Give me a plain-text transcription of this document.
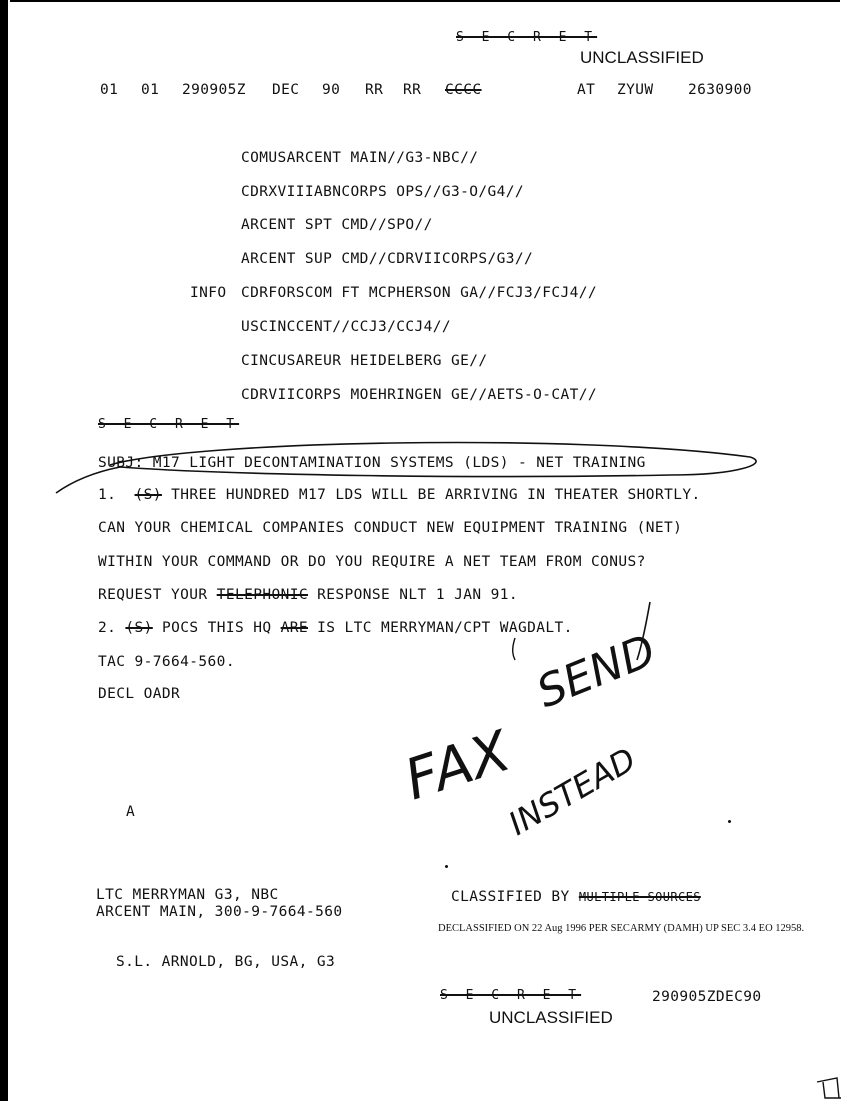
S E C R E T
UNCLASSIFIED

01

01

290905Z

DEC

90

RR

RR

CCCC

	AT

ZYUW

2630900

COMUSARCENT MAIN//G3-NBC//
CDRXVIIIABNCORPS OPS//G3-O/G4//
ARCENT SPT CMD//SPO//
ARCENT SUP CMD//CDRVIICORPS/G3//
INFO CDRFORSCOM FT MCPHERSON GA//FCJ3/FCJ4//
USCINCCENT//CCJ3/CCJ4//
CINCUSAREUR HEIDELBERG GE//
CDRVIICORPS MOEHRINGEN GE//AETS-O-CAT//
S E C R E T
SUBJ: M17 LIGHT DECONTAMINATION SYSTEMS (LDS) - NET TRAINING
1. (S) THREE HUNDRED M17 LDS WILL BE ARRIVING IN THEATER SHORTLY.
CAN YOUR CHEMICAL COMPANIES CONDUCT NEW EQUIPMENT TRAINING (NET)
WITHIN YOUR COMMAND OR DO YOU REQUIRE A NET TEAM FROM CONUS?
REQUEST YOUR TELEPHONIC RESPONSE NLT 1 JAN 91.
2. (S) POCS THIS HQ ARE IS LTC MERRYMAN/CPT WAGDALT.
TAC 9-7664-560.
DECL OADR
FAX
SEND
INSTEAD
A
LTC MERRYMAN G3, NBC
ARCENT MAIN, 300-9-7664-560
S.L. ARNOLD, BG, USA, G3
CLASSIFIED BY MULTIPLE SOURCES
DECLASSIFIED ON 22 Aug 1996 PER SECARMY (DAMH) UP SEC 3.4 EO 12958.
S E C R E T	290905ZDEC90
UNCLASSIFIED
